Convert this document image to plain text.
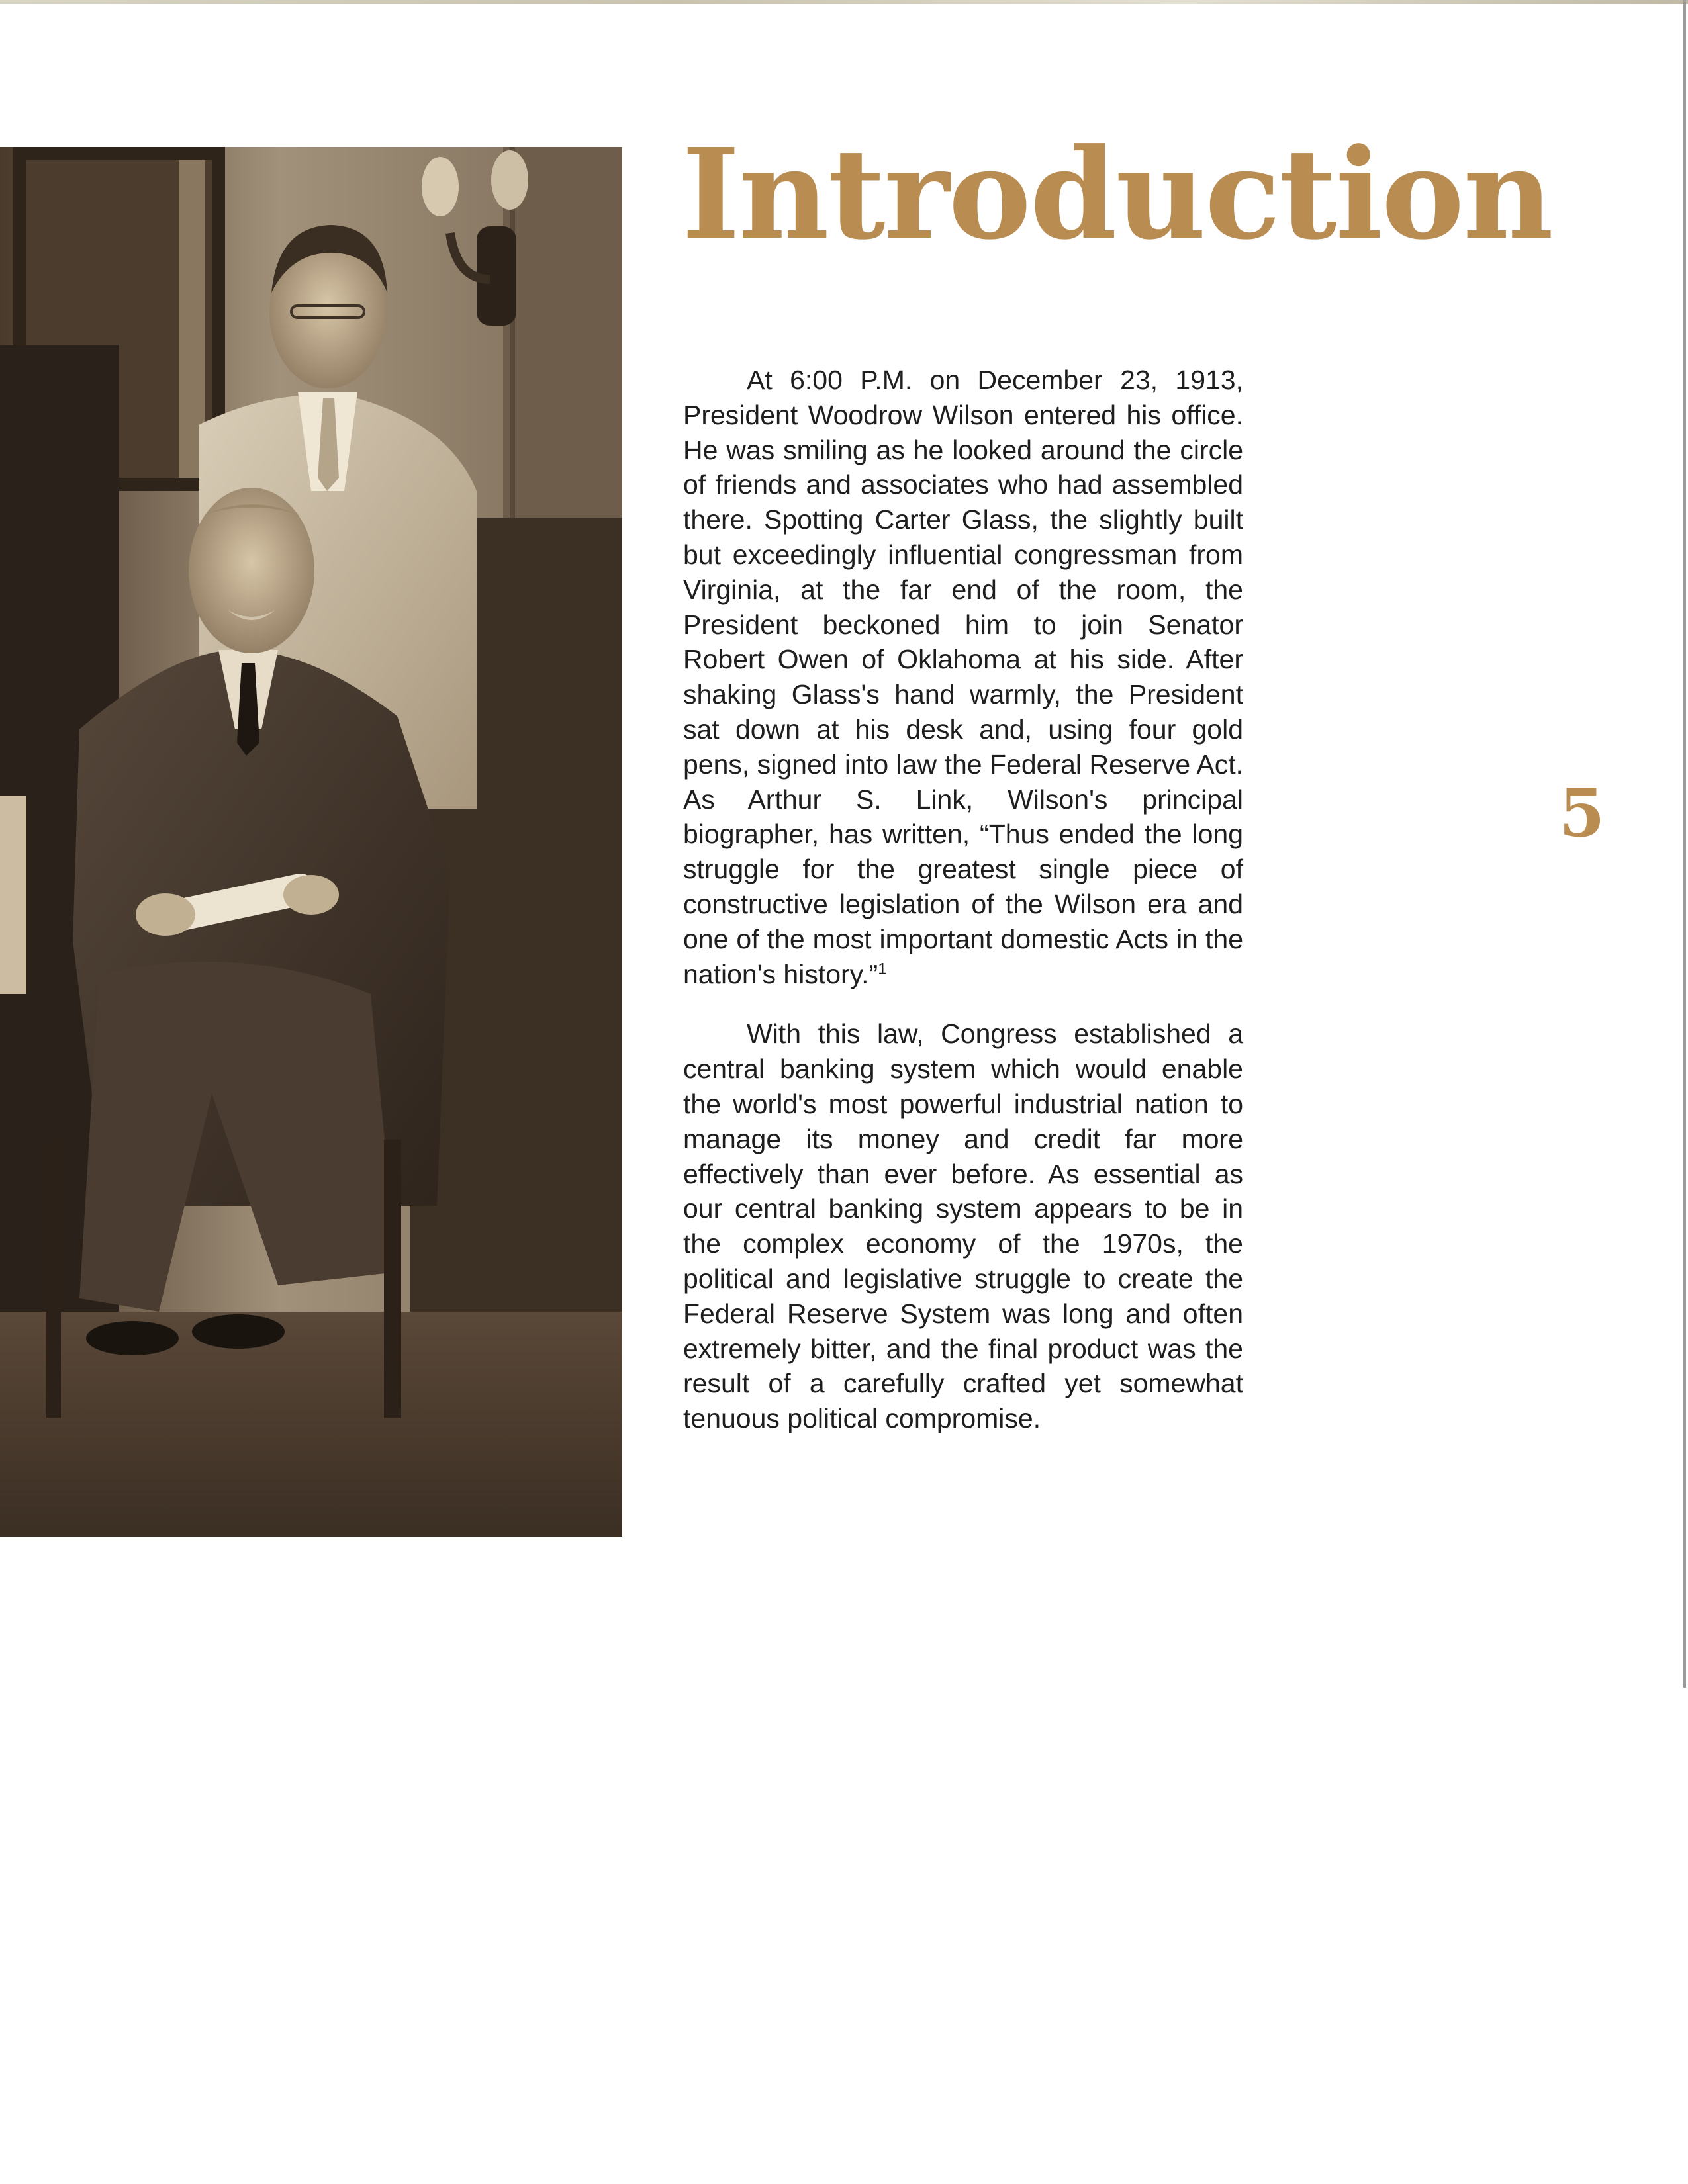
Introduction

At 6:00 P.M. on December 23, 1913, President Woodrow Wilson entered his office. He was smiling as he looked around the circle of friends and associates who had assembled there. Spotting Carter Glass, the slightly built but exceedingly influential congressman from Virginia, at the far end of the room, the President beckoned him to join Senator Robert Owen of Oklahoma at his side. After shaking Glass's hand warmly, the President sat down at his desk and, using four gold pens, signed into law the Federal Reserve Act. As Arthur S. Link, Wilson's principal biographer, has written, “Thus ended the long struggle for the greatest single piece of constructive legislation of the Wilson era and one of the most important domestic Acts in the nation's history.”$^1$

With this law, Congress established a central banking system which would enable the world's most powerful industrial nation to manage its money and credit far more effectively than ever before. As essential as our central banking system appears to be in the complex economy of the 1970s, the political and legislative struggle to create the Federal Reserve System was long and often extremely bitter, and the final product was the result of a carefully crafted yet somewhat tenuous political compromise.

5
